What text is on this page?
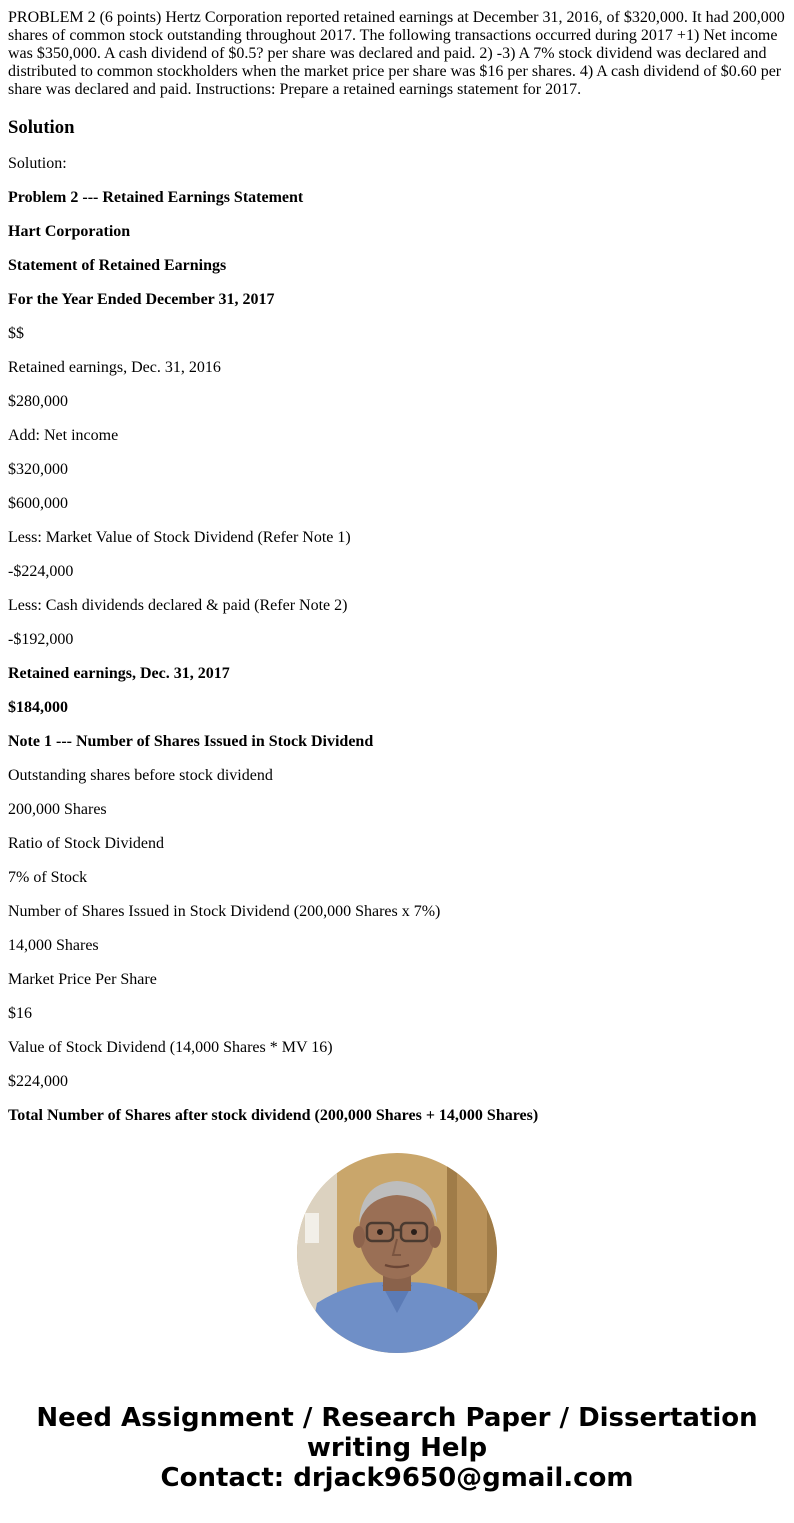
PROBLEM 2 (6 points) Hertz Corporation reported retained earnings at December 31, 2016, of $320,000. It had 200,000 shares of common stock outstanding throughout 2017. The following transactions occurred during 2017 +1) Net income was $350,000. A cash dividend of $0.5? per share was declared and paid. 2) -3) A 7% stock dividend was declared and distributed to common stockholders when the market price per share was $16 per shares. 4) A cash dividend of $0.60 per share was declared and paid. Instructions: Prepare a retained earnings statement for 2017.

Solution
Solution:
Problem 2 --- Retained Earnings Statement
Hart Corporation
Statement of Retained Earnings
For the Year Ended December 31, 2017
$$
Retained earnings, Dec. 31, 2016
$280,000
Add: Net income
$320,000
$600,000
Less: Market Value of Stock Dividend (Refer Note 1)
-$224,000
Less: Cash dividends declared & paid (Refer Note 2)
-$192,000
Retained earnings, Dec. 31, 2017
$184,000
Note 1 --- Number of Shares Issued in Stock Dividend
Outstanding shares before stock dividend
200,000 Shares
Ratio of Stock Dividend
7% of Stock
Number of Shares Issued in Stock Dividend (200,000 Shares x 7%)
14,000 Shares
Market Price Per Share
$16
Value of Stock Dividend (14,000 Shares * MV 16)
$224,000
Total Number of Shares after stock dividend (200,000 Shares + 14,000 Shares)
Need Assignment / Research Paper / Dissertation
writing Help
Contact: drjack9650@gmail.com
